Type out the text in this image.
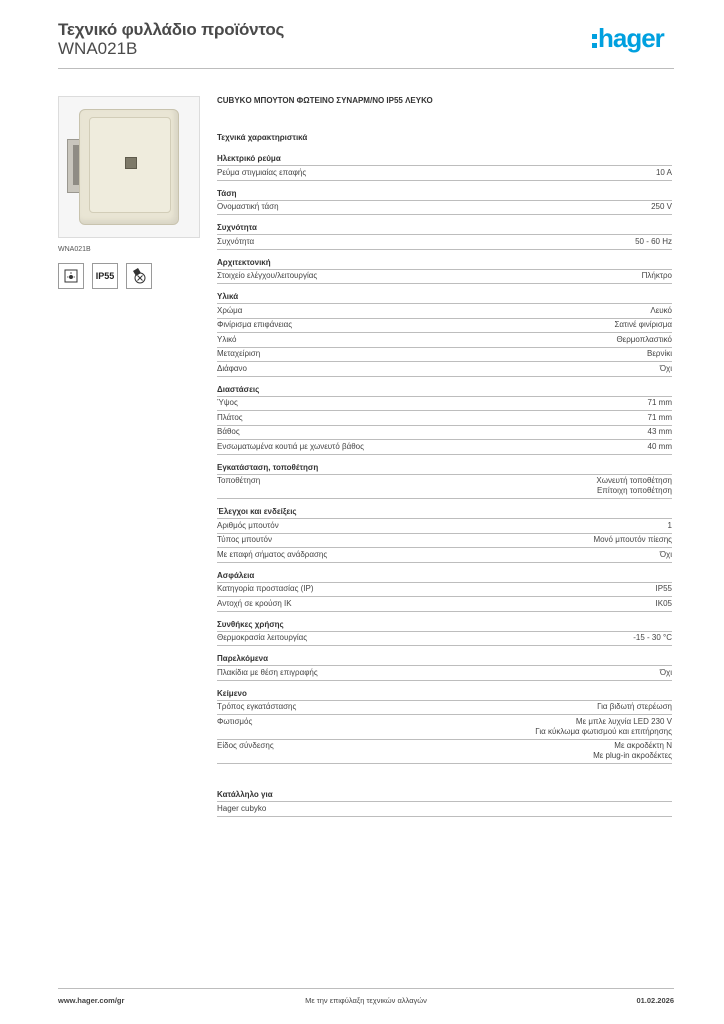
Τεχνικό φυλλάδιο προϊόντος
WNA021B	hager
WNA021B
IP55
CUBYKO ΜΠΟΥΤΟΝ ΦΩΤΕΙΝΟ ΣΥΝΑΡΜ/ΝΟ IP55 ΛΕΥΚΟ
Τεχνικά χαρακτηριστικά
Ηλεκτρικό ρεύμα
Ρεύμα στιγμιαίας επαφής	10 A
Τάση
Ονομαστική τάση	250 V
Συχνότητα
Συχνότητα	50 - 60 Hz
Αρχιτεκτονική
Στοιχείο ελέγχου/λειτουργίας	Πλήκτρο
Υλικά
Χρώμα	Λευκό
Φινίρισμα επιφάνειας	Σατινέ φινίρισμα
Υλικό	Θερμοπλαστικό
Μεταχείριση	Βερνίκι
Διάφανο	Όχι
Διαστάσεις
Ύψος	71 mm
Πλάτος	71 mm
Βάθος	43 mm
Ενσωματωμένα κουτιά με χωνευτό βάθος	40 mm
Εγκατάσταση, τοποθέτηση
Τοποθέτηση	Χωνευτή τοποθέτηση
Επίτοιχη τοποθέτηση
Έλεγχοι και ενδείξεις
Αριθμός μπουτόν	1
Τύπος μπουτόν	Μονό μπουτόν πίεσης
Με επαφή σήματος ανάδρασης	Όχι
Ασφάλεια
Κατηγορία προστασίας (IP)	IP55
Αντοχή σε κρούση IK	IK05
Συνθήκες χρήσης
Θερμοκρασία λειτουργίας	-15 - 30 °C
Παρελκόμενα
Πλακίδια με θέση επιγραφής	Όχι
Κείμενο
Τρόπος εγκατάστασης	Για βιδωτή στερέωση
Φωτισμός	Με μπλε λυχνία LED 230 V
Για κύκλωμα φωτισμού και επιτήρησης
Είδος σύνδεσης	Με ακροδέκτη N
Με plug-in ακροδέκτες
Κατάλληλο για
Hager cubyko
Με την επιφύλαξη τεχνικών αλλαγών
www.hager.com/gr	01.02.2026
